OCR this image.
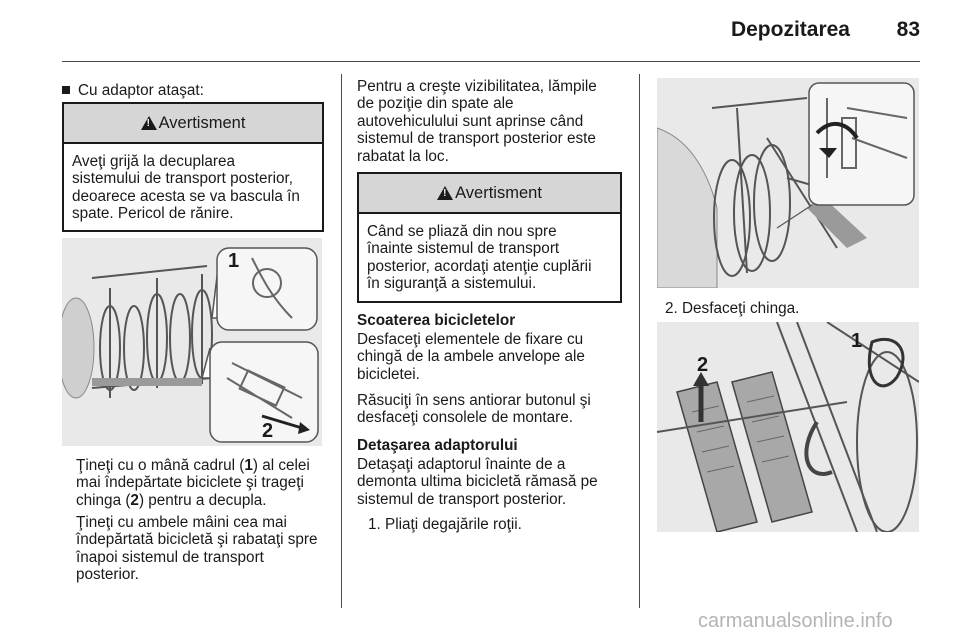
Depozitarea	83
Cu adaptor ataşat:
!
Avertisment
Aveţi grijă la decuplarea
sistemului de transport posterior,
deoarece acesta se va bascula în
spate. Pericol de rănire.
1
2
Ţineţi cu o mână cadrul (1) al celei
mai îndepărtate biciclete şi trageţi
chinga (2) pentru a decupla.
Ţineţi cu ambele mâini cea mai
îndepărtată bicicletă şi rabataţi spre
înapoi sistemul de transport
posterior.
Pentru a creşte vizibilitatea, lămpile
de poziţie din spate ale
autovehiculului sunt aprinse când
sistemul de transport posterior este
rabatat la loc.
!
Avertisment
Când se pliază din nou spre
înainte sistemul de transport
posterior, acordaţi atenţie cuplării
în siguranţă a sistemului.
Scoaterea bicicletelor
Desfaceţi elementele de fixare cu
chingă de la ambele anvelope ale
bicicletei.
Răsuciţi în sens antiorar butonul şi
desfaceţi consolele de montare.
Detaşarea adaptorului
Detaşaţi adaptorul înainte de a
demonta ultima bicicletă rămasă pe
sistemul de transport posterior.
1. Pliaţi degajările roţii.
2. Desfaceţi chinga.
1
2
carmanualsonline.info
